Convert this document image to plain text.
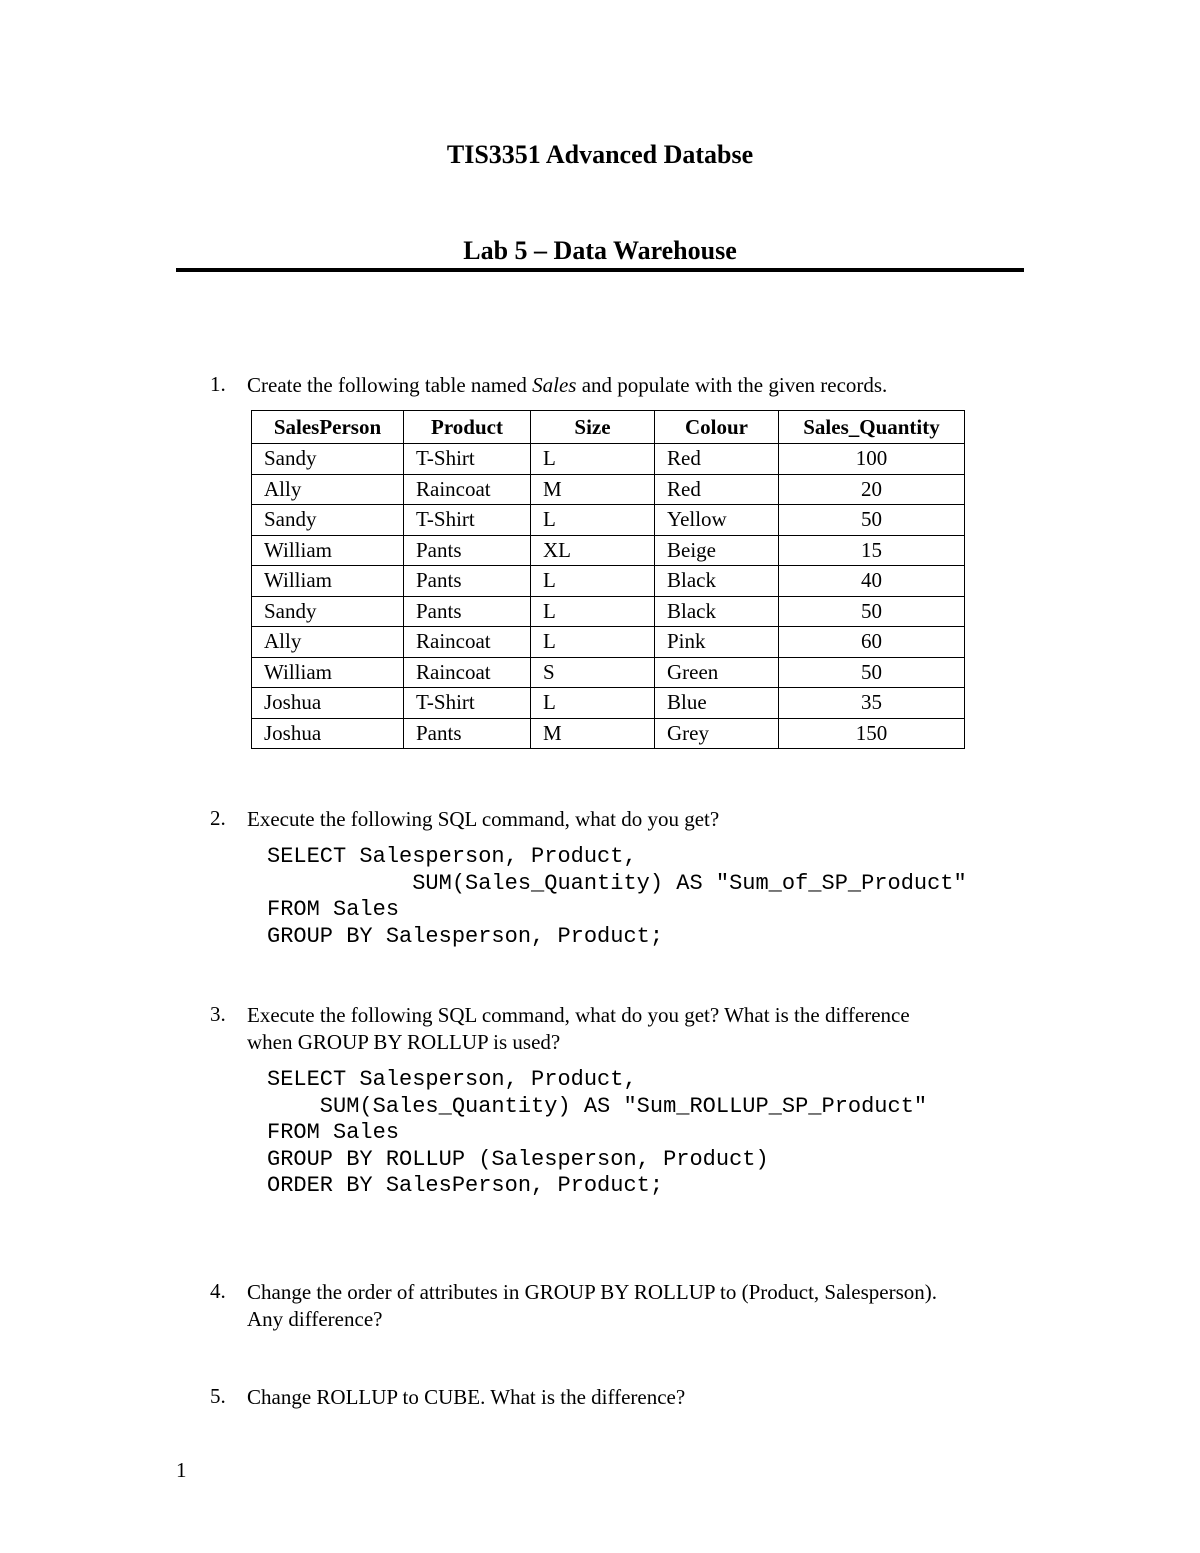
TIS3351 Advanced Databse
Lab 5 – Data Warehouse
1.	Create the following table named Sales and populate with the given records.
SalesPerson	Product	Size	Colour	Sales_Quantity
Sandy	T-Shirt	L	Red	100
Ally	Raincoat	M	Red	20
Sandy	T-Shirt	L	Yellow	50
William	Pants	XL	Beige	15
William	Pants	L	Black	40
Sandy	Pants	L	Black	50
Ally	Raincoat	L	Pink	60
William	Raincoat	S	Green	50
Joshua	T-Shirt	L	Blue	35
Joshua	Pants	M	Grey	150
2.	Execute the following SQL command, what do you get?
SELECT Salesperson, Product,
SUM(Sales_Quantity) AS "Sum_of_SP_Product"
FROM Sales
GROUP BY Salesperson, Product;
3.	Execute the following SQL command, what do you get? What is the difference
when GROUP BY ROLLUP is used?
SELECT Salesperson, Product,
SUM(Sales_Quantity) AS "Sum_ROLLUP_SP_Product"
FROM Sales
GROUP BY ROLLUP (Salesperson, Product)
ORDER BY SalesPerson, Product;
4.	Change the order of attributes in GROUP BY ROLLUP to (Product, Salesperson).
Any difference?
5.	Change ROLLUP to CUBE. What is the difference?
1
